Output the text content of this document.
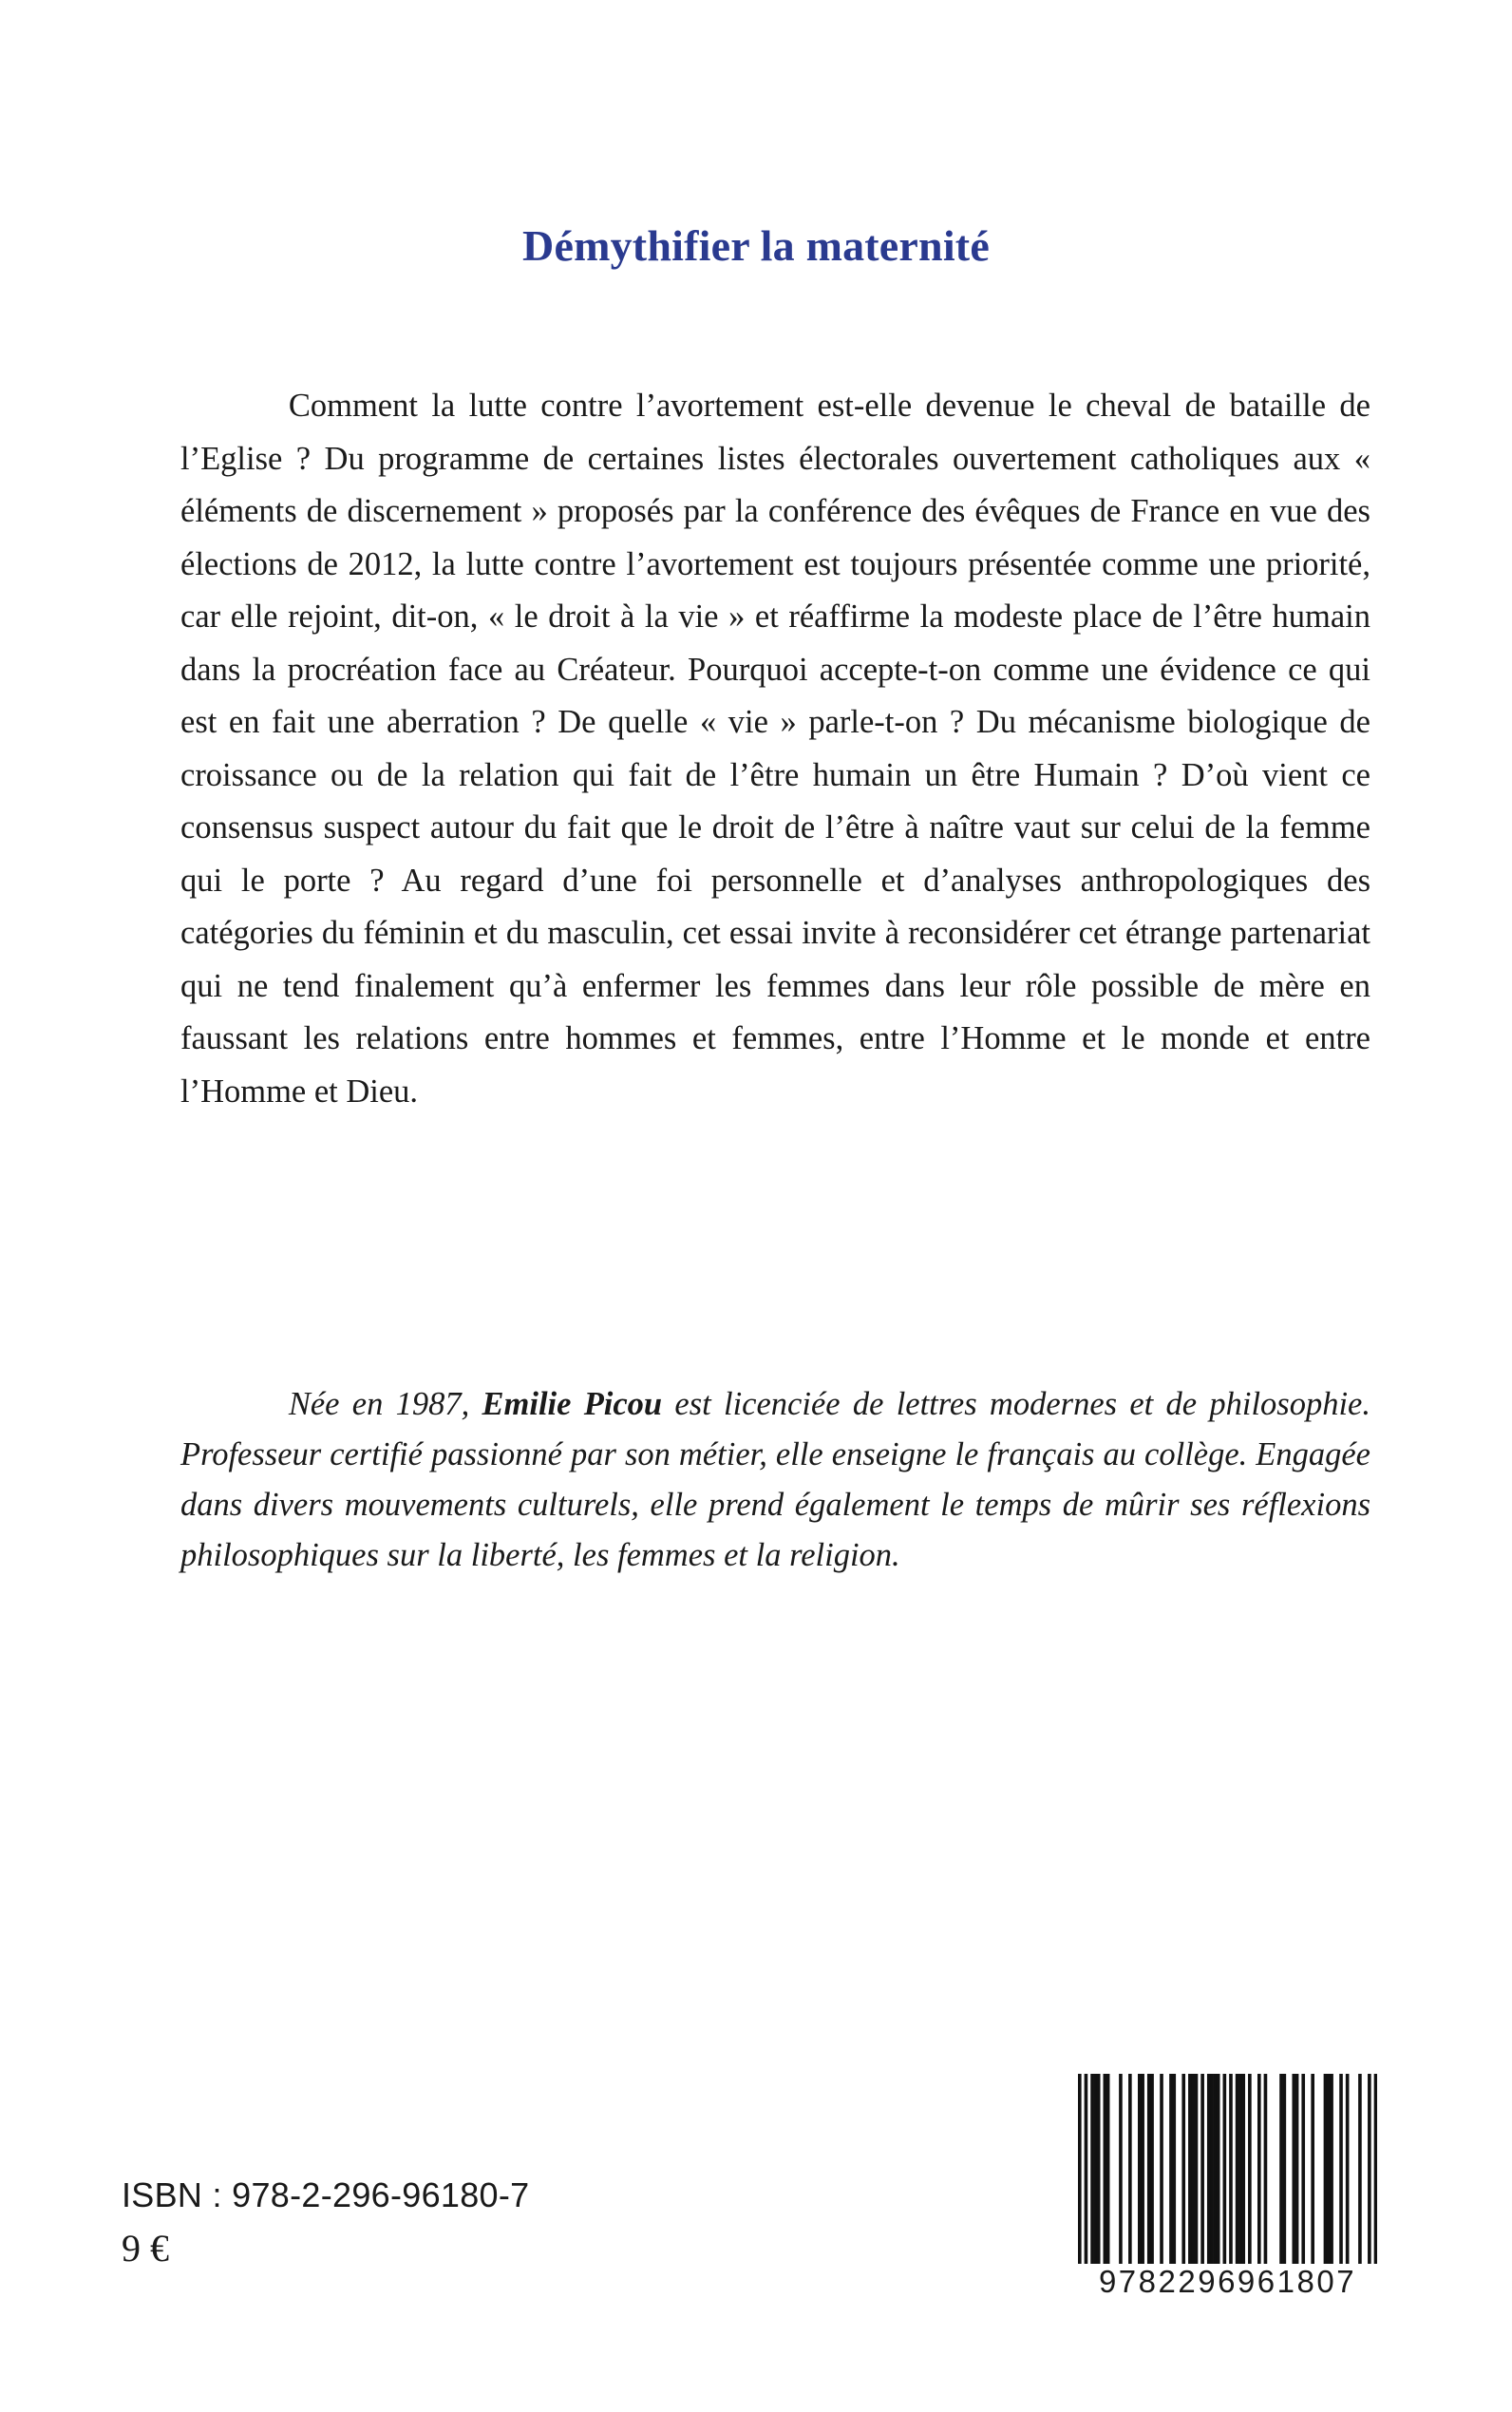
Démythifier la maternité

Comment la lutte contre l’avortement est-elle devenue le cheval de bataille de l’Eglise ? Du programme de certaines listes électorales ouvertement catholiques aux « éléments de discernement » proposés par la conférence des évêques de France en vue des élections de 2012, la lutte contre l’avortement est toujours présentée comme une priorité, car elle rejoint, dit-on, « le droit à la vie » et réaffirme la modeste place de l’être humain dans la procréation face au Créateur. Pourquoi accepte-t-on comme une évidence ce qui est en fait une aberration ? De quelle « vie » parle-t-on ? Du mécanisme biologique de croissance ou de la relation qui fait de l’être humain un être Humain ? D’où vient ce consensus suspect autour du fait que le droit de l’être à naître vaut sur celui de la femme qui le porte ? Au regard d’une foi personnelle et d’analyses anthropologiques des catégories du féminin et du masculin, cet essai invite à reconsidérer cet étrange partenariat qui ne tend finalement qu’à enfermer les femmes dans leur rôle possible de mère en faussant les relations entre hommes et femmes, entre l’Homme et le monde et entre l’Homme et Dieu.

Née en 1987, Emilie Picou est licenciée de lettres modernes et de philosophie. Professeur certifié passionné par son métier, elle enseigne le français au collège. Engagée dans divers mouvements culturels, elle prend également le temps de mûrir ses réflexions philosophiques sur la liberté, les femmes et la religion.

ISBN : 978-2-296-96180-7
9 €
9782296961807
